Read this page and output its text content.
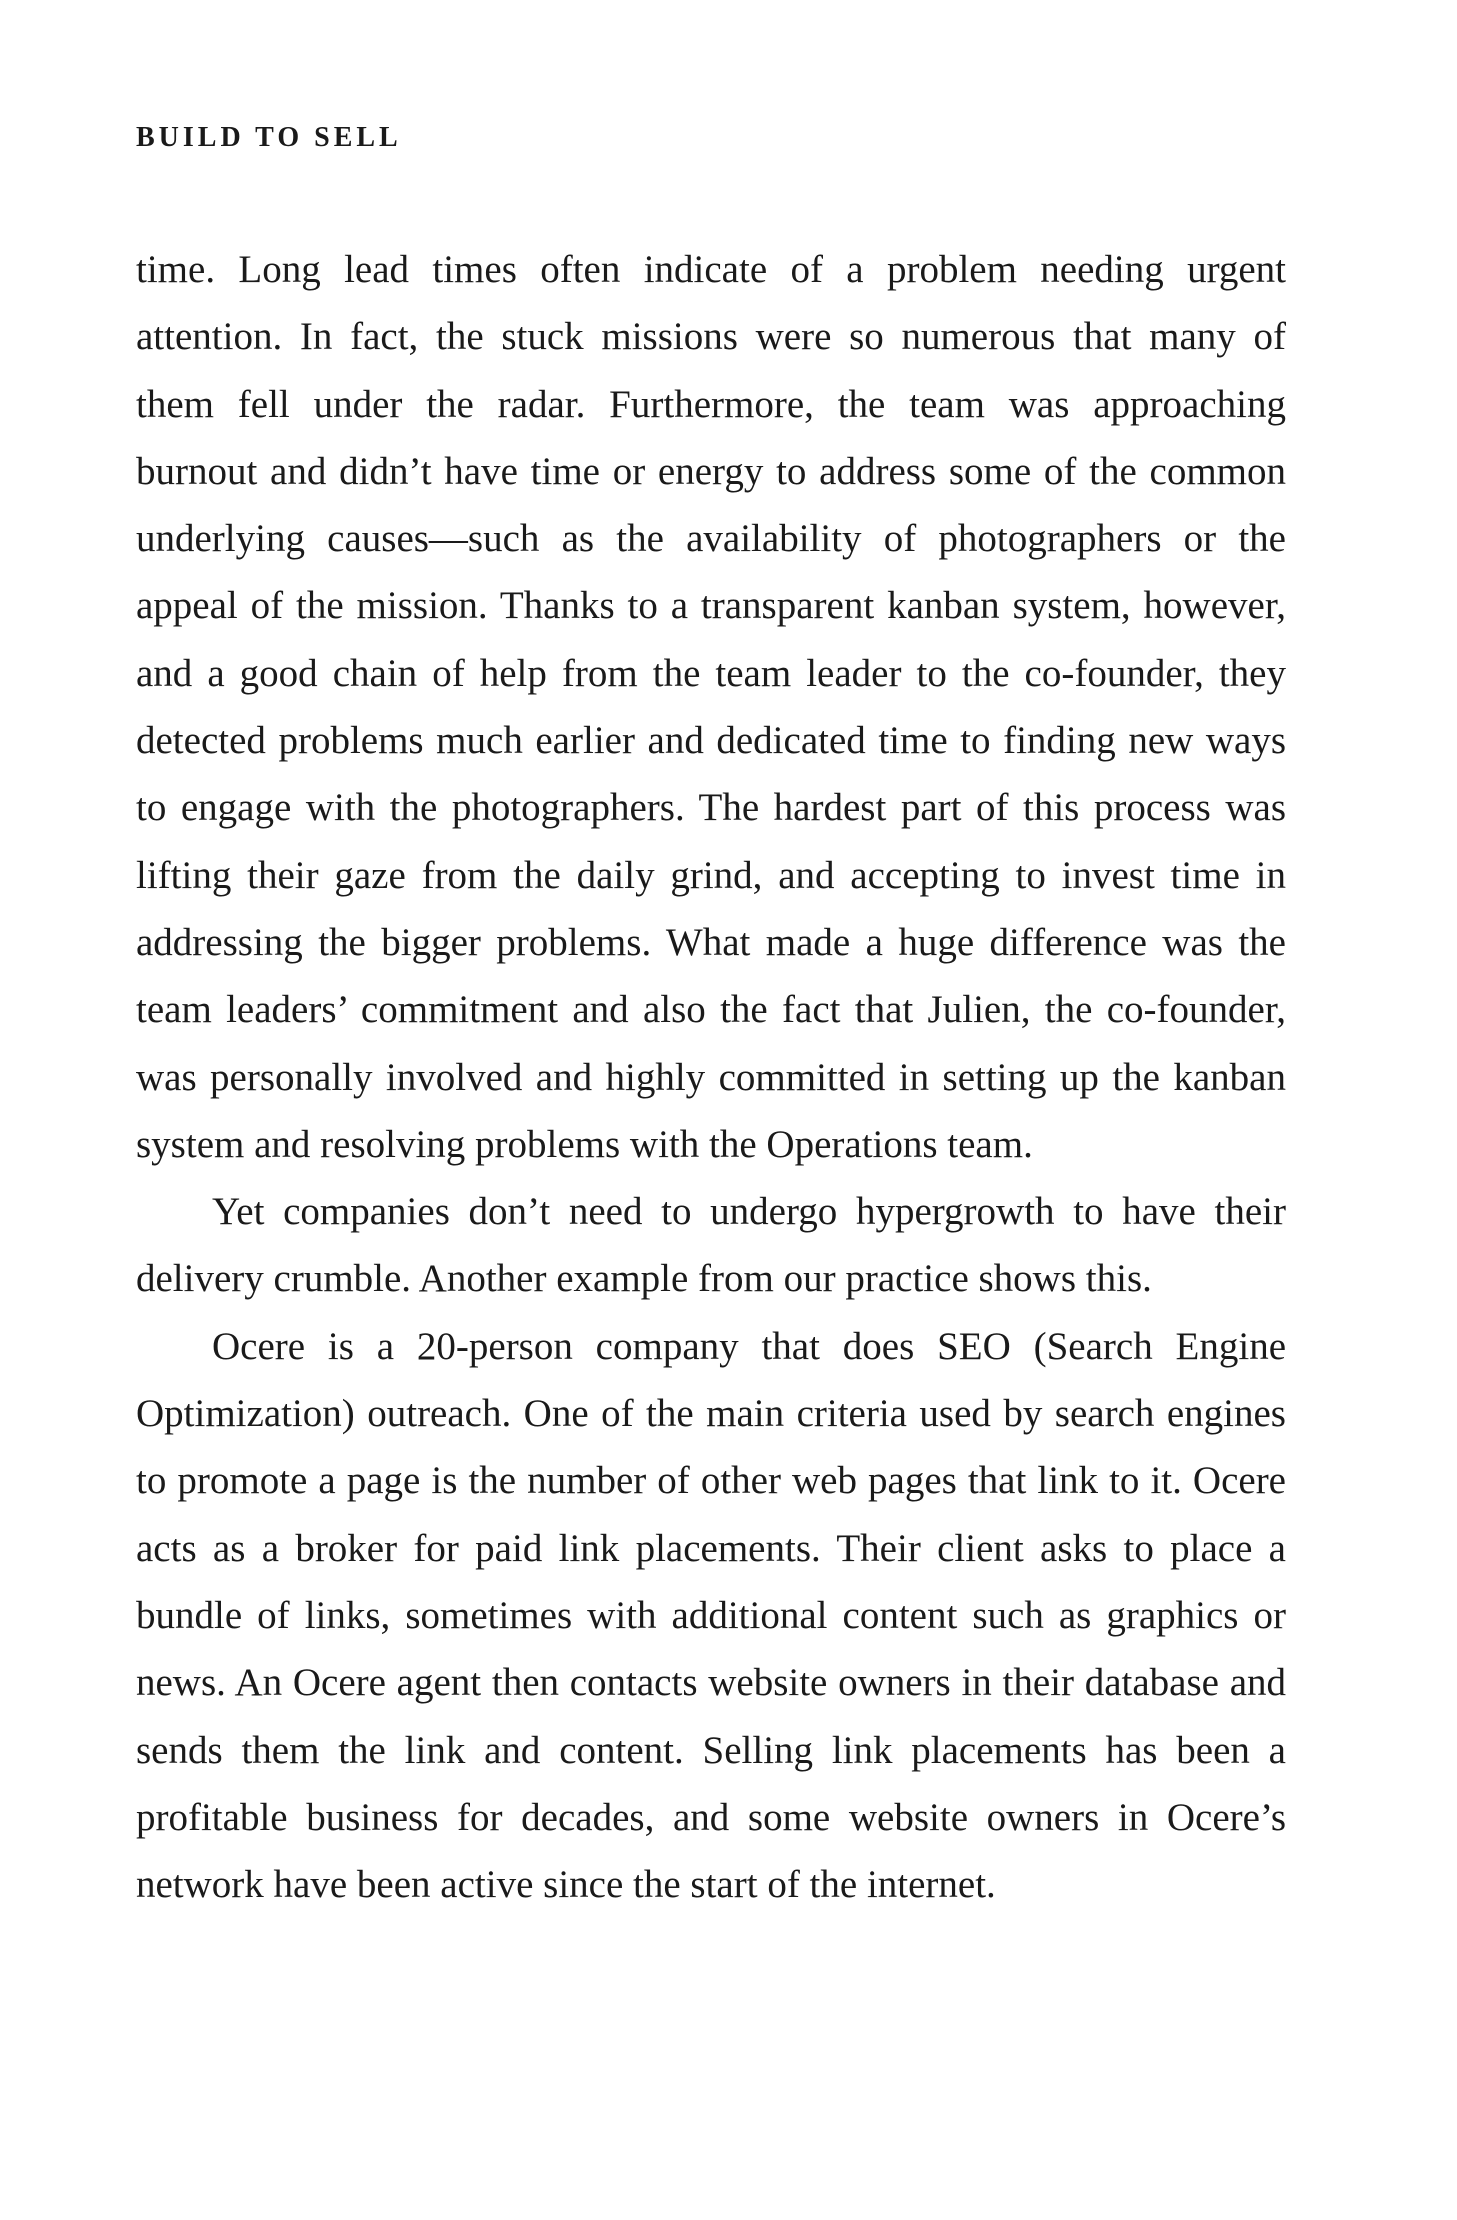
BUILD TO SELL

time. Long lead times often indicate of a problem needing urgent attention. In fact, the stuck missions were so numerous that many of them fell under the radar. Furthermore, the team was approaching burnout and didn’t have time or energy to address some of the common underlying causes—such as the availability of photographers or the appeal of the mission. Thanks to a transparent kanban system, however, and a good chain of help from the team leader to the co-founder, they detected problems much earlier and dedicated time to finding new ways to engage with the photographers. The hardest part of this process was lifting their gaze from the daily grind, and accepting to invest time in addressing the bigger problems. What made a huge difference was the team leaders’ commitment and also the fact that Julien, the co-founder, was personally involved and highly committed in setting up the kanban system and resolving problems with the Operations team.

Yet companies don’t need to undergo hypergrowth to have their delivery crumble. Another example from our practice shows this.

Ocere is a 20-person company that does SEO (Search Engine Optimization) outreach. One of the main criteria used by search engines to promote a page is the number of other web pages that link to it. Ocere acts as a broker for paid link placements. Their client asks to place a bundle of links, sometimes with additional content such as graphics or news. An Ocere agent then contacts website owners in their database and sends them the link and content. Selling link placements has been a profitable business for decades, and some website owners in Ocere’s network have been active since the start of the internet.
